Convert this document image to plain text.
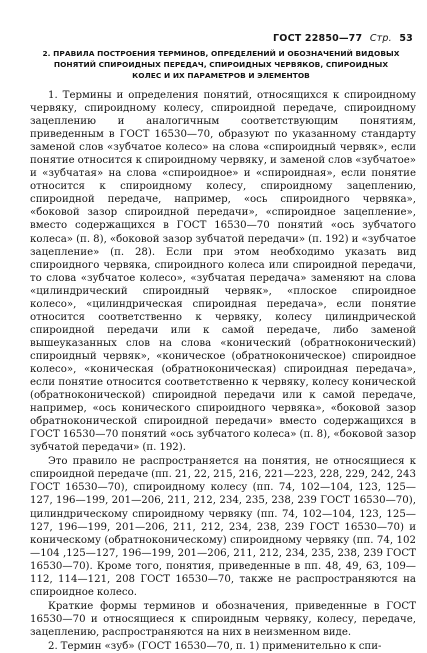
ГОСТ 22850—77 Стр. 53
2. ПРАВИЛА ПОСТРОЕНИЯ ТЕРМИНОВ, ОПРЕДЕЛЕНИЙ И ОБОЗНАЧЕНИЙ ВИДОВЫХ ПОНЯТИЙ СПИРОИДНЫХ ПЕРЕДАЧ, СПИРОИДНЫХ ЧЕРВЯКОВ, СПИРОИДНЫХ КОЛЕС И ИХ ПАРАМЕТРОВ И ЭЛЕМЕНТОВ

1. Термины и определения понятий, относящихся к спироидному червяку, спироидному колесу, спироидной передаче, спироидному зацеплению и аналогичным соответствующим понятиям, приведенным в ГОСТ 16530—70, образуют по указанному стандарту заменой слов «зубчатое колесо» на слова «спироидный червяк», если понятие относится к спироидному червяку, и заменой слов «зубчатое» и «зубчатая» на слова «спироидное» и «спироидная», если понятие относится к спироидному колесу, спироидному зацеплению, спироидной передаче, например, «ось спироидного червяка», «боковой зазор спироидной передачи», «спироидное зацепление», вместо содержащихся в ГОСТ 16530—70 понятий «ось зубчатого колеса» (п. 8), «боковой зазор зубчатой передачи» (п. 192) и «зубчатое зацепление» (п. 28). Если при этом необходимо указать вид спироидного червяка, спироидного колеса или спироидной передачи, то слова «зубчатое колесо», «зубчатая передача» заменяют на слова «цилиндрический спироидный червяк», «плоское спироидное колесо», «цилиндрическая спироидная передача», если понятие относится соответственно к червяку, колесу цилиндрической спироидной передачи или к самой передаче, либо заменой вышеуказанных слов на слова «конический (обратноконический) спироидный червяк», «коническое (обратноконическое) спироидное колесо», «коническая (обратноконическая) спироидная передача», если понятие относится соответственно к червяку, колесу конической (обратноконической) спироидной передачи или к самой передаче, например, «ось конического спироидного червяка», «боковой зазор обратноконической спироидной передачи» вместо содержащихся в ГОСТ 16530—70 понятий «ось зубчатого колеса» (п. 8), «боковой зазор зубчатой передачи» (п. 192).

Это правило не распространяется на понятия, не относящиеся к спироидной передаче (пп. 21, 22, 215, 216, 221—223, 228, 229, 242, 243 ГОСТ 16530—70), спироидному колесу (пп. 74, 102—104, 123, 125—127, 196—199, 201—206, 211, 212, 234, 235, 238, 239 ГОСТ 16530—70), цилиндрическому спироидному червяку (пп. 74, 102—104, 123, 125—127, 196—199, 201—206, 211, 212, 234, 238, 239 ГОСТ 16530—70) и коническому (обратноконическому) спироидному червяку (пп. 74, 102—104 ,125—127, 196—199, 201—206, 211, 212, 234, 235, 238, 239 ГОСТ 16530—70). Кроме того, понятия, приведенные в пп. 48, 49, 63, 109—112, 114—121, 208 ГОСТ 16530—70, также не распространяются на спироидное колесо.

Краткие формы терминов и обозначения, приведенные в ГОСТ 16530—70 и относящиеся к спироидным червяку, колесу, передаче, зацеплению, распространяются на них в неизменном виде.

2. Термин «зуб» (ГОСТ 16530—70, п. 1) применительно к спи-
